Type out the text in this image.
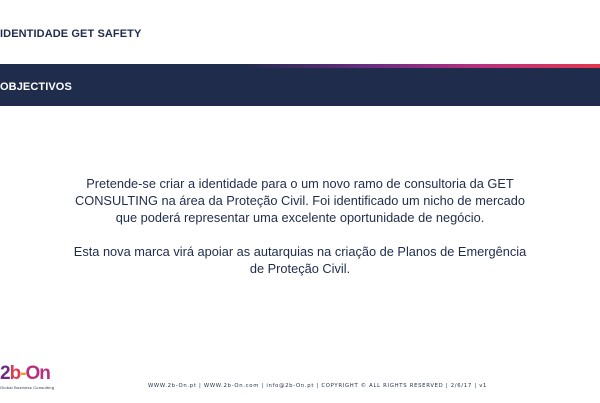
IDENTIDADE GET SAFETY
OBJECTIVOS

Pretende-se criar a identidade para o um novo ramo de consultoria da GET CONSULTING na área da Proteção Civil. Foi identificado um nicho de mercado que poderá representar uma excelente oportunidade de negócio.

Esta nova marca virá apoiar as autarquias na criação de Planos de Emergência de Proteção Civil.

2b-On
Global Business Consulting	WWW.2b-On.pt | WWW.2b-On.com | info@2b-On.pt | COPYRIGHT © ALL RIGHTS RESERVED | 2/6/17 | v1
